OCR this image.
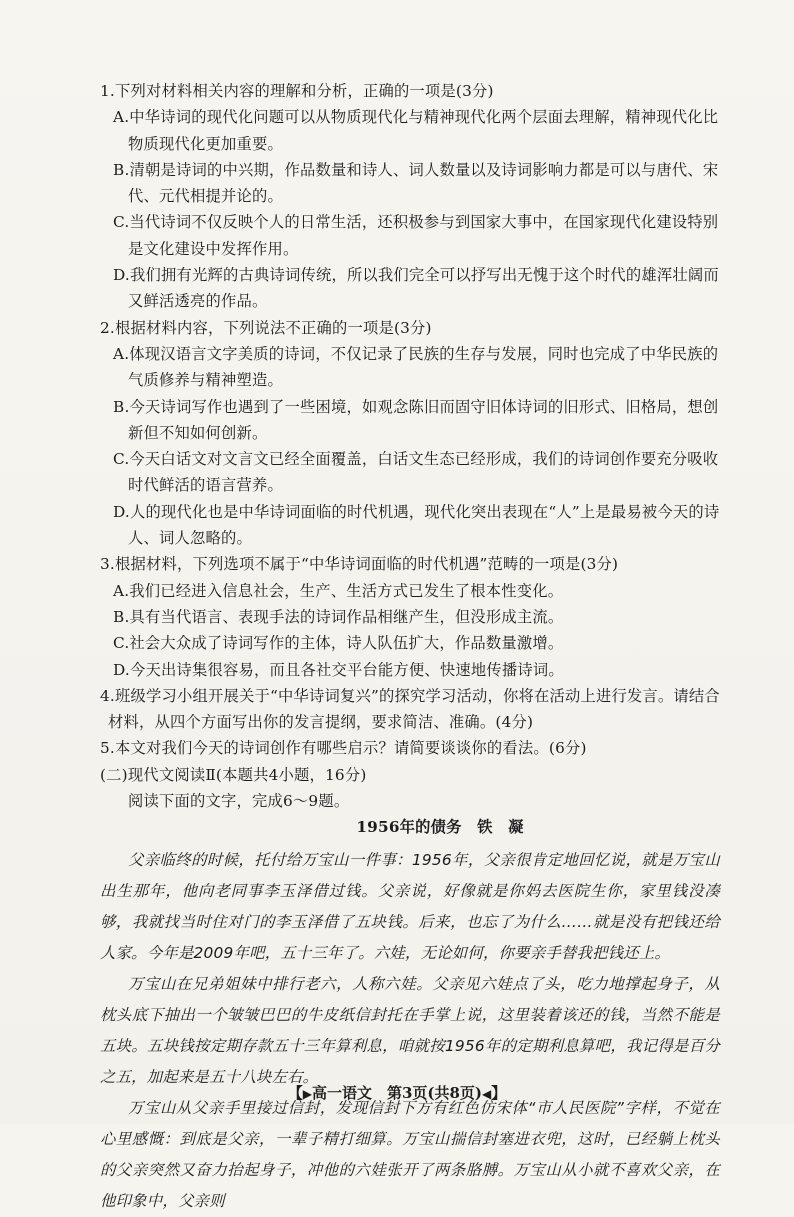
1.下列对材料相关内容的理解和分析，正确的一项是(3分)

A.中华诗词的现代化问题可以从物质现代化与精神现代化两个层面去理解，精神现代化比物质现代化更加重要。

B.清朝是诗词的中兴期，作品数量和诗人、词人数量以及诗词影响力都是可以与唐代、宋代、元代相提并论的。

C.当代诗词不仅反映个人的日常生活，还积极参与到国家大事中，在国家现代化建设特别是文化建设中发挥作用。

D.我们拥有光辉的古典诗词传统，所以我们完全可以抒写出无愧于这个时代的雄浑壮阔而又鲜活透亮的作品。

2.根据材料内容，下列说法不正确的一项是(3分)

A.体现汉语言文字美质的诗词，不仅记录了民族的生存与发展，同时也完成了中华民族的气质修养与精神塑造。

B.今天诗词写作也遇到了一些困境，如观念陈旧而固守旧体诗词的旧形式、旧格局，想创新但不知如何创新。

C.今天白话文对文言文已经全面覆盖，白话文生态已经形成，我们的诗词创作要充分吸收时代鲜活的语言营养。

D.人的现代化也是中华诗词面临的时代机遇，现代化突出表现在“人”上是最易被今天的诗人、词人忽略的。

3.根据材料，下列选项不属于“中华诗词面临的时代机遇”范畴的一项是(3分)

A.我们已经进入信息社会，生产、生活方式已发生了根本性变化。

B.具有当代语言、表现手法的诗词作品相继产生，但没形成主流。

C.社会大众成了诗词写作的主体，诗人队伍扩大，作品数量激增。

D.今天出诗集很容易，而且各社交平台能方便、快速地传播诗词。

4.班级学习小组开展关于“中华诗词复兴”的探究学习活动，你将在活动上进行发言。请结合材料，从四个方面写出你的发言提纲，要求简洁、准确。(4分)

5.本文对我们今天的诗词创作有哪些启示？请简要谈谈你的看法。(6分)

(二)现代文阅读Ⅱ(本题共4小题，16分)

阅读下面的文字，完成6～9题。

1956年的债务　铁　凝

父亲临终的时候，托付给万宝山一件事：1956年，父亲很肯定地回忆说，就是万宝山出生那年，他向老同事李玉泽借过钱。父亲说，好像就是你妈去医院生你，家里钱没凑够，我就找当时住对门的李玉泽借了五块钱。后来，也忘了为什么……就是没有把钱还给人家。今年是2009年吧，五十三年了。六娃，无论如何，你要亲手替我把钱还上。

万宝山在兄弟姐妹中排行老六，人称六娃。父亲见六娃点了头，吃力地撑起身子，从枕头底下抽出一个皱皱巴巴的牛皮纸信封托在手掌上说，这里装着该还的钱，当然不能是五块。五块钱按定期存款五十三年算利息，咱就按1956年的定期利息算吧，我记得是百分之五，加起来是五十八块左右。

万宝山从父亲手里接过信封，发现信封下方有红色仿宋体“市人民医院”字样，不觉在心里感慨：到底是父亲，一辈子精打细算。万宝山揣信封塞进衣兜，这时，已经躺上枕头的父亲突然又奋力抬起身子，冲他的六娃张开了两条胳膊。万宝山从小就不喜欢父亲，在他印象中，父亲则

【▶高一语文　第3页(共8页)◀】
